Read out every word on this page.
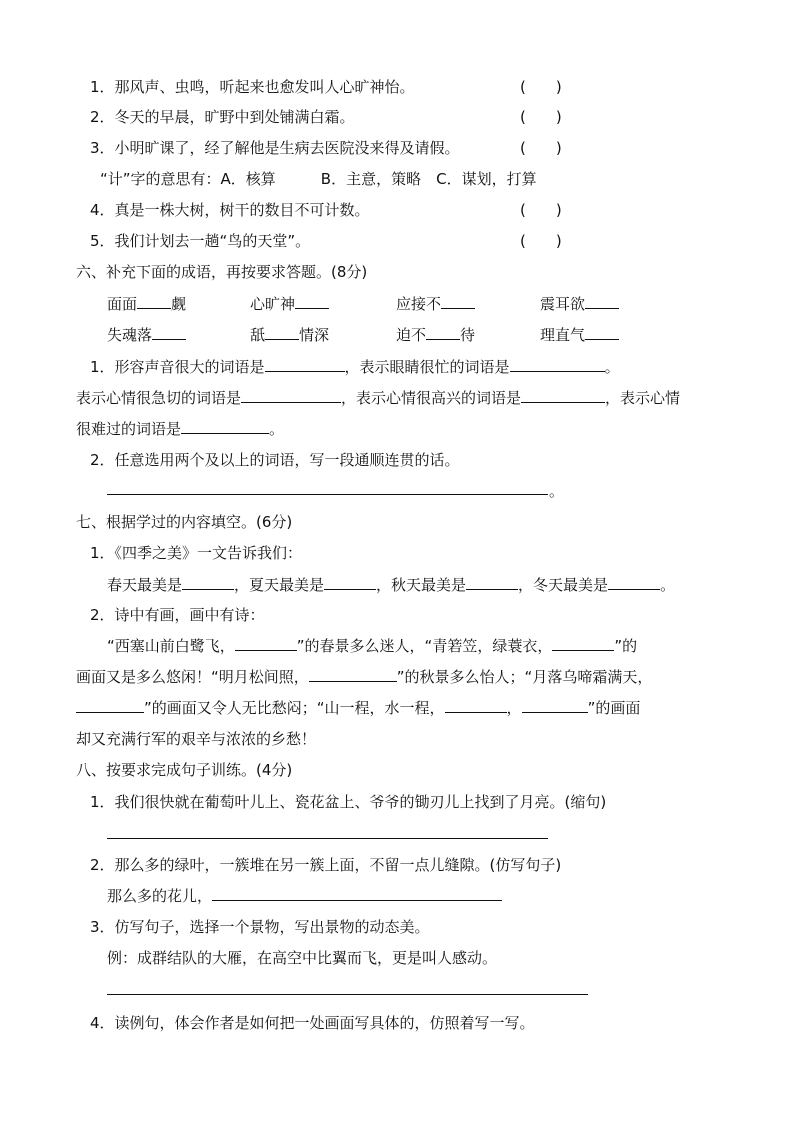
1．那风声、虫鸣，听起来也愈发叫人心旷神怡。	(　　)
2．冬天的早晨，旷野中到处铺满白霜。	(　　)
3．小明旷课了，经了解他是生病去医院没来得及请假。	(　　)
“计”字的意思有：A．核算　　　B．主意，策略　C．谋划，打算
4．真是一株大树，树干的数目不可计数。	(　　)
5．我们计划去一趟“鸟的天堂”。	(　　)
六、补充下面的成语，再按要求答题。(8分)
面面 觑	心旷神	应接不	震耳欲
失魂落	舐 情深	迫不 待	理直气
1．形容声音很大的词语是	，表示眼睛很忙的词语是	。
表示心情很急切的词语是	，表示心情很高兴的词语是	，表示心情
很难过的词语是	。
2．任意选用两个及以上的词语，写一段通顺连贯的话。
。
七、根据学过的内容填空。(6分)
1．《四季之美》一文告诉我们：
春天最美是	，夏天最美是	，秋天最美是	，冬天最美是	。
2．诗中有画，画中有诗：
“西塞山前白鹭飞，	”的春景多么迷人，“青箬笠，绿蓑衣，	”的
画面又是多么悠闲！“明月松间照，	”的秋景多么怡人；“月落乌啼霜满天，
”的画面又令人无比愁闷；“山一程，水一程，	，	”的画面
却又充满行军的艰辛与浓浓的乡愁！
八、按要求完成句子训练。(4分)
1．我们很快就在葡萄叶儿上、瓷花盆上、爷爷的锄刃儿上找到了月亮。(缩句)
2．那么多的绿叶，一簇堆在另一簇上面，不留一点儿缝隙。(仿写句子)
那么多的花儿，
3．仿写句子，选择一个景物，写出景物的动态美。
例：成群结队的大雁，在高空中比翼而飞，更是叫人感动。
4．读例句，体会作者是如何把一处画面写具体的，仿照着写一写。
